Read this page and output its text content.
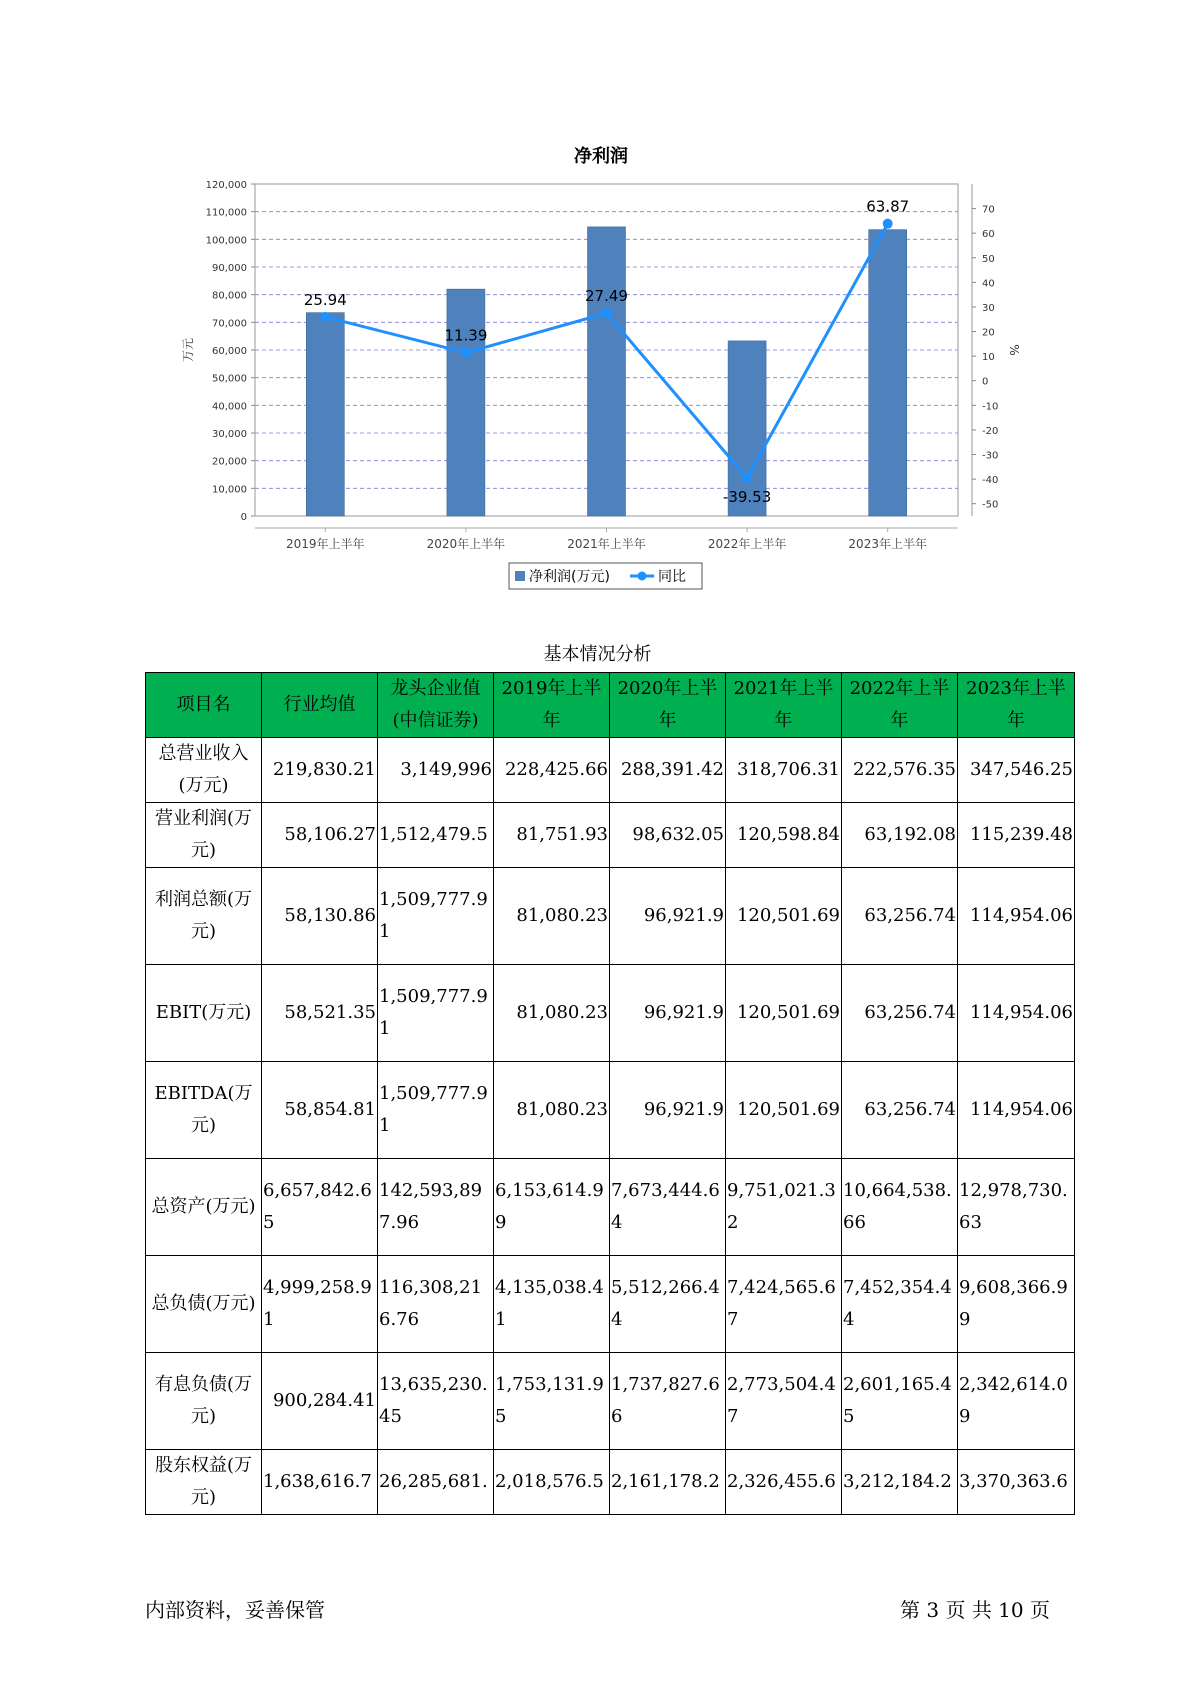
净利润
0
10,000
20,000
30,000
40,000
50,000
60,000
70,000
80,000
90,000
100,000
110,000
120,000
-50
-40
-30
-20
-10
0
10
20
30
40
50
60
70
万元	%
2019年上半年	2020年上半年	2021年上半年	2022年上半年	2023年上半年
25.94
11.39
27.49
-39.53
63.87
净利润(万元)	同比
基本情况分析
项目名	行业均值	龙头企业值(中信证券)	2019年上半年	2020年上半年	2021年上半年	2022年上半年	2023年上半年
总营业收入(万元)	219,830.21	3,149,996	228,425.66	288,391.42	318,706.31	222,576.35	347,546.25
营业利润(万元)	58,106.27	1,512,479.5	81,751.93	98,632.05	120,598.84	63,192.08	115,239.48
利润总额(万元)	58,130.86	1,509,777.91	81,080.23	96,921.9	120,501.69	63,256.74	114,954.06
EBIT(万元)	58,521.35	1,509,777.91	81,080.23	96,921.9	120,501.69	63,256.74	114,954.06
EBITDA(万元)	58,854.81	1,509,777.91	81,080.23	96,921.9	120,501.69	63,256.74	114,954.06
总资产(万元)	6,657,842.65	142,593,897.96	6,153,614.99	7,673,444.64	9,751,021.32	10,664,538.66	12,978,730.63
总负债(万元)	4,999,258.91	116,308,216.76	4,135,038.41	5,512,266.44	7,424,565.67	7,452,354.44	9,608,366.99
有息负债(万元)	900,284.41	13,635,230.45	1,753,131.95	1,737,827.66	2,773,504.47	2,601,165.45	2,342,614.09
股东权益(万元)	1,638,616.7	26,285,681.	2,018,576.5	2,161,178.2	2,326,455.6	3,212,184.2	3,370,363.6
内部资料，妥善保管	第 3 页 共 10 页
